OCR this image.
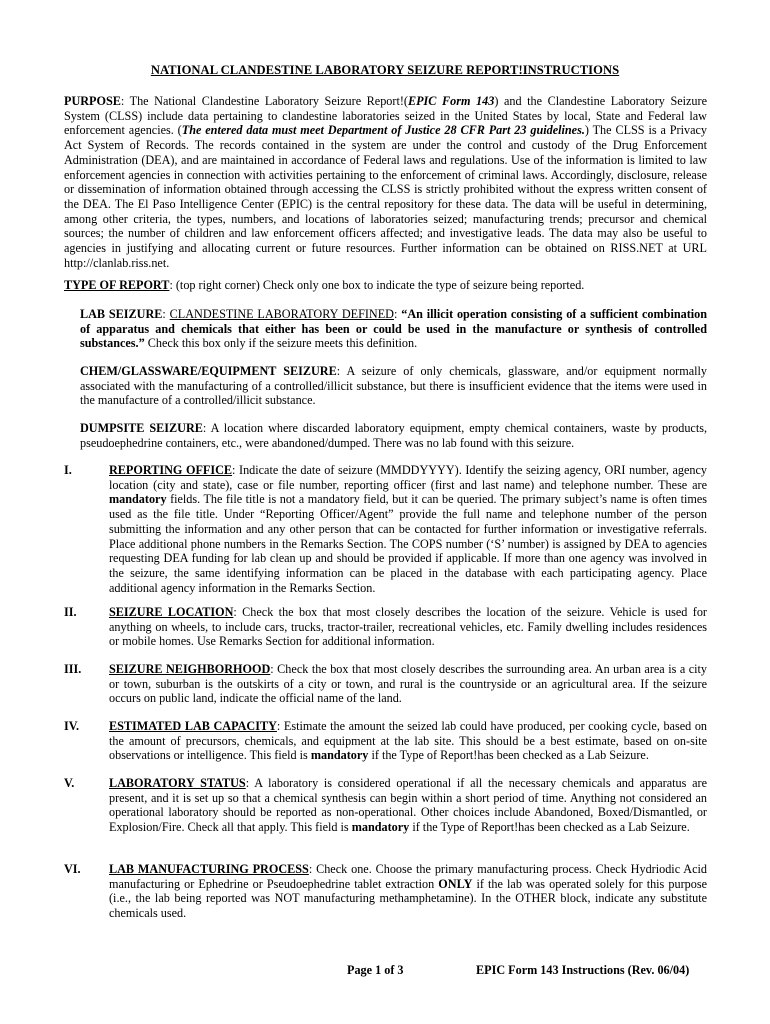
NATIONAL CLANDESTINE LABORATORY SEIZURE REPORT!INSTRUCTIONS
PURPOSE: The National Clandestine Laboratory Seizure Report!(EPIC Form 143) and the Clandestine Laboratory Seizure System (CLSS) include data pertaining to clandestine laboratories seized in the United States by local, State and Federal law enforcement agencies. (The entered data must meet Department of Justice 28 CFR Part 23 guidelines.) The CLSS is a Privacy Act System of Records. The records contained in the system are under the control and custody of the Drug Enforcement Administration (DEA), and are maintained in accordance of Federal laws and regulations. Use of the information is limited to law enforcement agencies in connection with activities pertaining to the enforcement of criminal laws. Accordingly, disclosure, release or dissemination of information obtained through accessing the CLSS is strictly prohibited without the express written consent of the DEA. The El Paso Intelligence Center (EPIC) is the central repository for these data. The data will be useful in determining, among other criteria, the types, numbers, and locations of laboratories seized; manufacturing trends; precursor and chemical sources; the number of children and law enforcement officers affected; and investigative leads. The data may also be useful to agencies in justifying and allocating current or future resources. Further information can be obtained on RISS.NET at URL http://clanlab.riss.net.
TYPE OF REPORT: (top right corner) Check only one box to indicate the type of seizure being reported.
LAB SEIZURE: CLANDESTINE LABORATORY DEFINED: “An illicit operation consisting of a sufficient combination of apparatus and chemicals that either has been or could be used in the manufacture or synthesis of controlled substances.” Check this box only if the seizure meets this definition.
CHEM/GLASSWARE/EQUIPMENT SEIZURE: A seizure of only chemicals, glassware, and/or equipment normally associated with the manufacturing of a controlled/illicit substance, but there is insufficient evidence that the items were used in the manufacture of a controlled/illicit substance.
DUMPSITE SEIZURE: A location where discarded laboratory equipment, empty chemical containers, waste by products, pseudoephedrine containers, etc., were abandoned/dumped. There was no lab found with this seizure.
I.	REPORTING OFFICE: Indicate the date of seizure (MMDDYYYY). Identify the seizing agency, ORI number, agency location (city and state), case or file number, reporting officer (first and last name) and telephone number. These are mandatory fields. The file title is not a mandatory field, but it can be queried. The primary subject’s name is often times used as the file title. Under “Reporting Officer/Agent” provide the full name and telephone number of the person submitting the information and any other person that can be contacted for further information or investigative referrals. Place additional phone numbers in the Remarks Section. The COPS number (‘S’ number) is assigned by DEA to agencies requesting DEA funding for lab clean up and should be provided if applicable. If more than one agency was involved in the seizure, the same identifying information can be placed in the database with each participating agency. Place additional agency information in the Remarks Section.
II.	SEIZURE LOCATION: Check the box that most closely describes the location of the seizure. Vehicle is used for anything on wheels, to include cars, trucks, tractor-trailer, recreational vehicles, etc. Family dwelling includes residences or mobile homes. Use Remarks Section for additional information.
III. SEIZURE NEIGHBORHOOD: Check the box that most closely describes the surrounding area. An urban area is a city or town, suburban is the outskirts of a city or town, and rural is the countryside or an agricultural area. If the seizure occurs on public land, indicate the official name of the land.
IV. ESTIMATED LAB CAPACITY: Estimate the amount the seized lab could have produced, per cooking cycle, based on the amount of precursors, chemicals, and equipment at the lab site. This should be a best estimate, based on on-site observations or intelligence. This field is mandatory if the Type of Report!has been checked as a Lab Seizure.
V.	LABORATORY STATUS: A laboratory is considered operational if all the necessary chemicals and apparatus are present, and it is set up so that a chemical synthesis can begin within a short period of time. Anything not considered an operational laboratory should be reported as non-operational. Other choices include Abandoned, Boxed/Dismantled, or Explosion/Fire. Check all that apply. This field is mandatory if the Type of Report!has been checked as a Lab Seizure.
VI. LAB MANUFACTURING PROCESS: Check one. Choose the primary manufacturing process. Check Hydriodic Acid manufacturing or Ephedrine or Pseudoephedrine tablet extraction ONLY if the lab was operated solely for this purpose (i.e., the lab being reported was NOT manufacturing methamphetamine). In the OTHER block, indicate any substitute chemicals used.
Page 1 of 3	EPIC Form 143 Instructions (Rev. 06/04)
